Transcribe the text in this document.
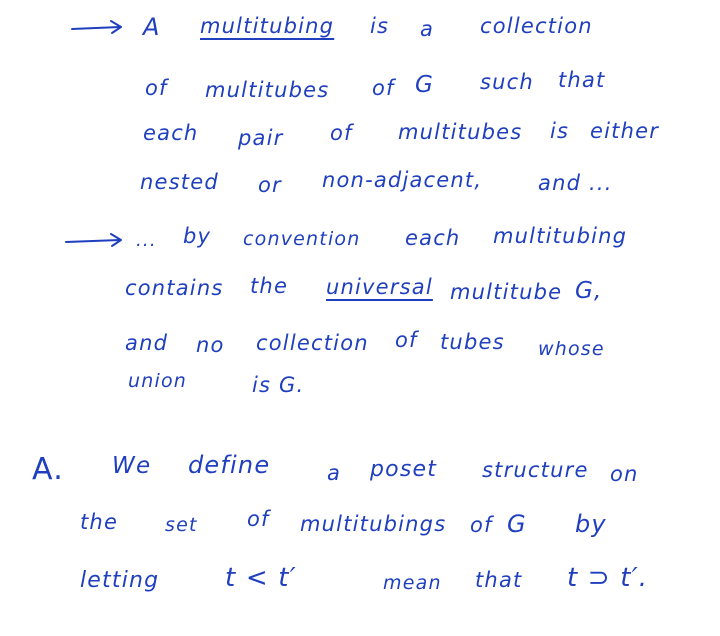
A multitubing is a collection
of multitubes of G such that
each pair of multitubes is either
nested or non-adjacent,	and ...
... by convention each multitubing
contains the universal multitube G,
and no collection of tubes whose
union	is G.
A. We define	a poset structure on
the set of multitubings of G by
letting	t < t′	mean that t ⊃ t′.
